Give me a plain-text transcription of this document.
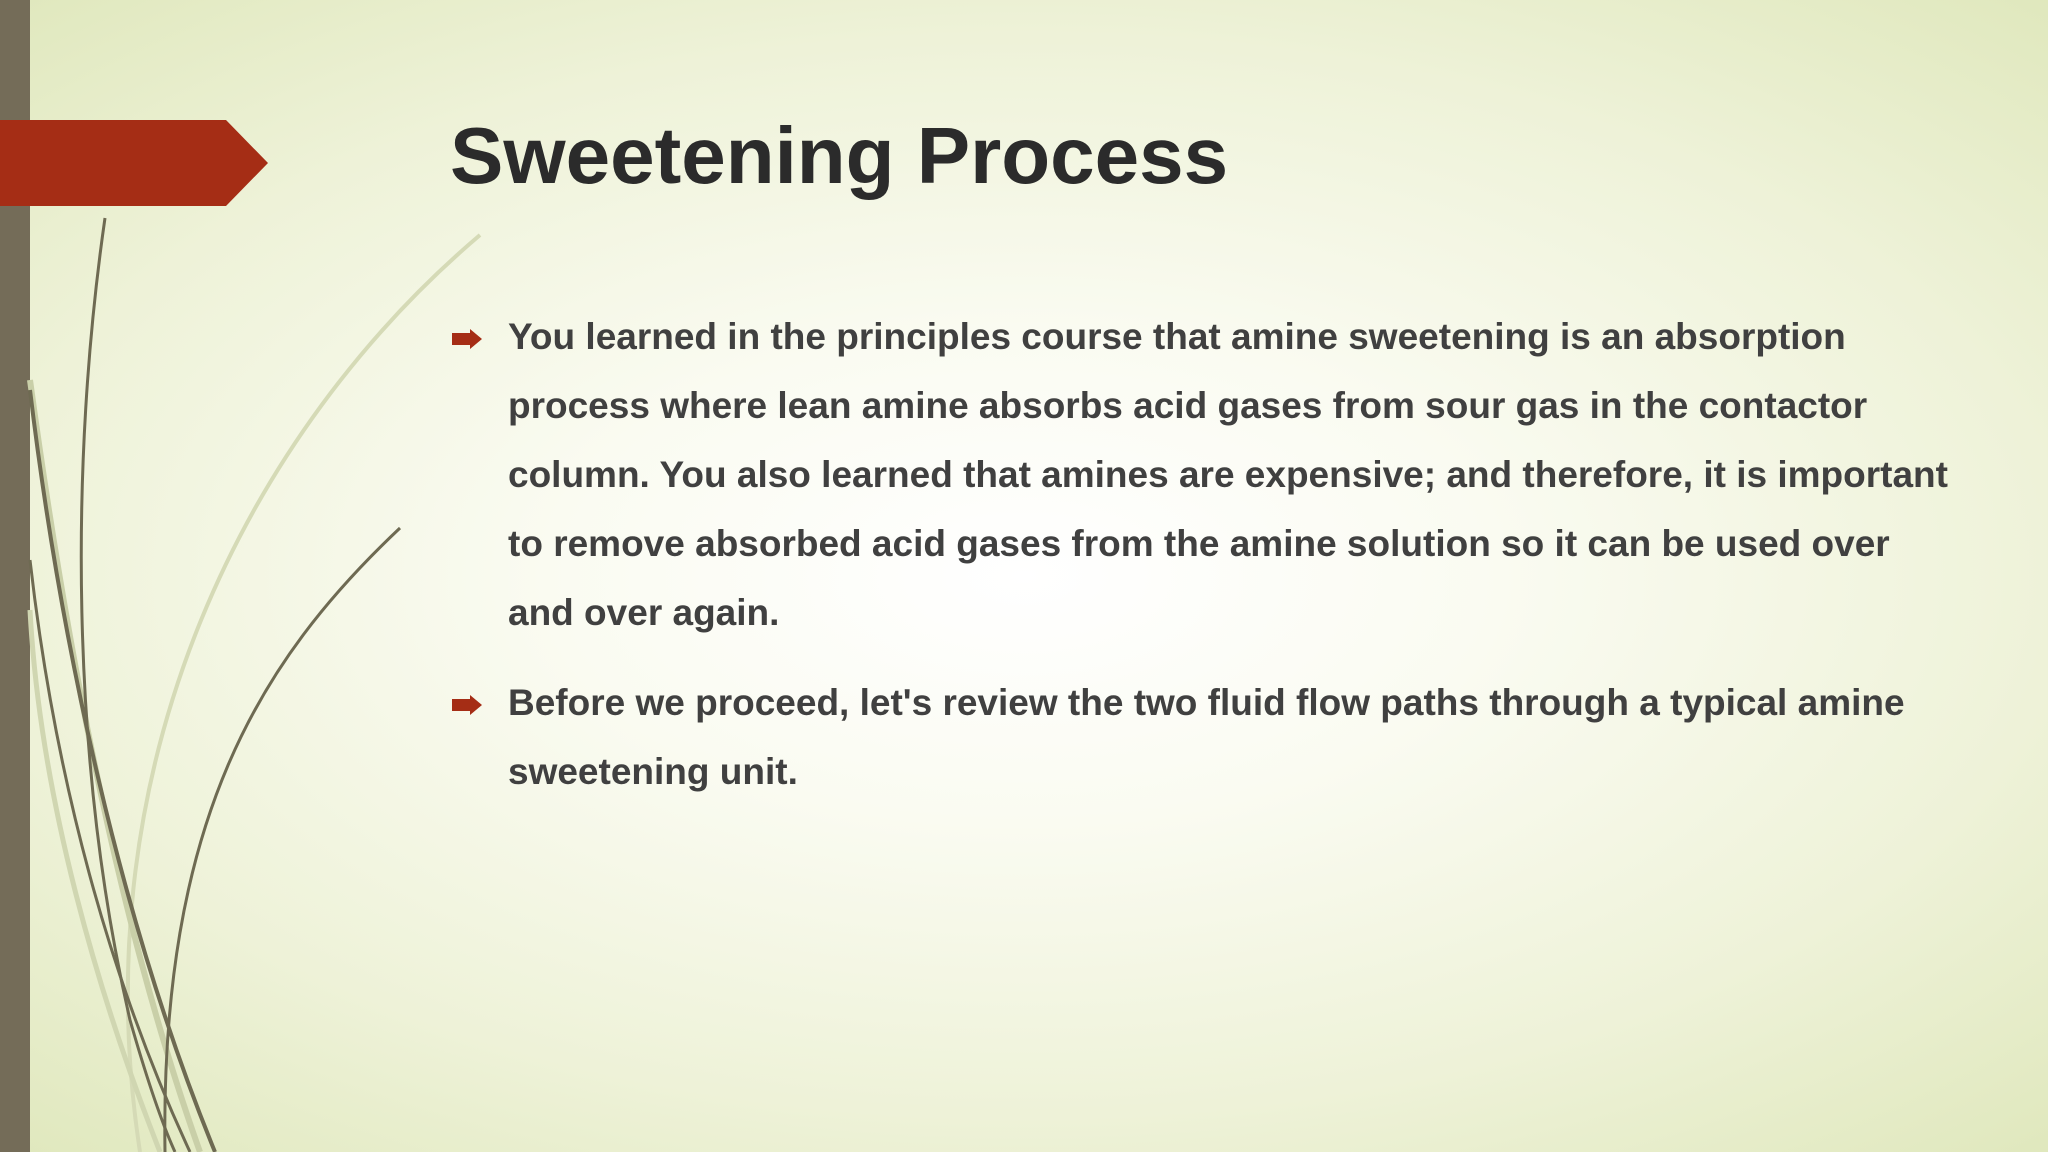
Sweetening Process
You learned in the principles course that amine sweetening is an absorption process where lean amine absorbs acid gases from sour gas in the contactor column. You also learned that amines are expensive; and therefore, it is important to remove absorbed acid gases from the amine solution so it can be used over and over again.
Before we proceed, let's review the two fluid flow paths through a typical amine sweetening unit.
